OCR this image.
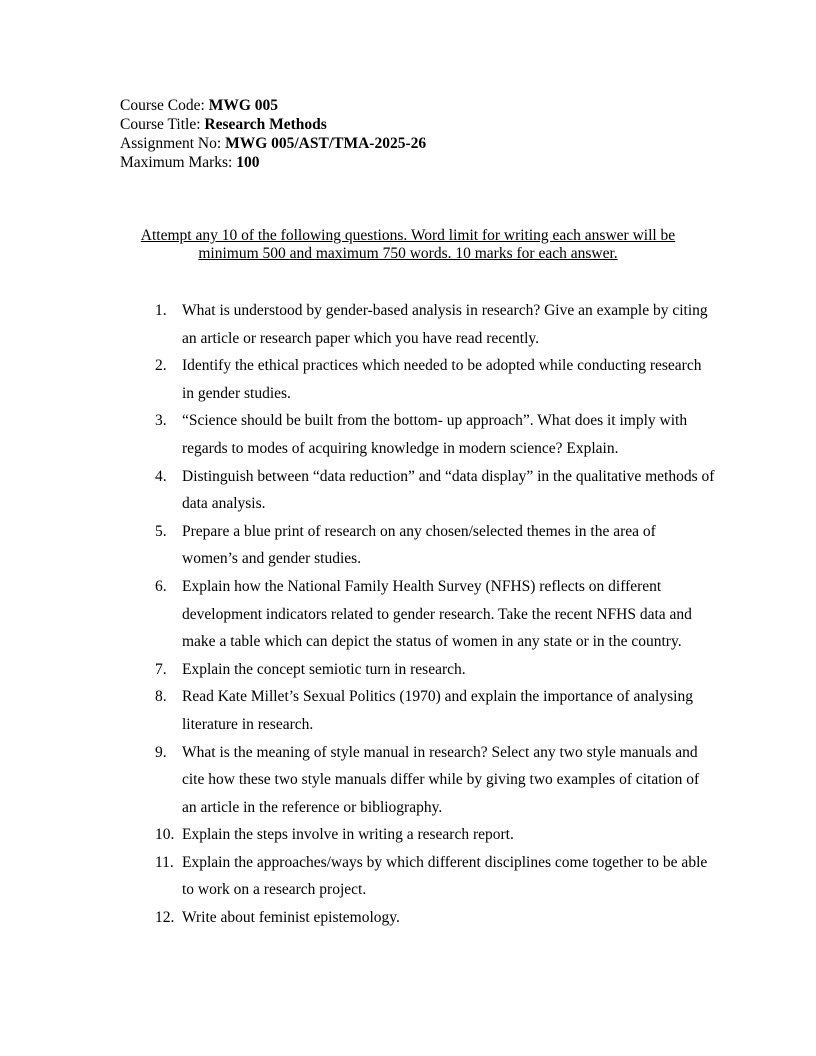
Course Code: MWG 005
Course Title: Research Methods
Assignment No: MWG 005/AST/TMA-2025-26
Maximum Marks: 100
Attempt any 10 of the following questions. Word limit for writing each answer will be
minimum 500 and maximum 750 words. 10 marks for each answer.
1. What is understood by gender-based analysis in research? Give an example by citing an article or research paper which you have read recently.
2. Identify the ethical practices which needed to be adopted while conducting research in gender studies.
3. “Science should be built from the bottom- up approach”. What does it imply with regards to modes of acquiring knowledge in modern science? Explain.
4. Distinguish between “data reduction” and “data display” in the qualitative methods of data analysis.
5. Prepare a blue print of research on any chosen/selected themes in the area of women’s and gender studies.
6. Explain how the National Family Health Survey (NFHS) reflects on different development indicators related to gender research. Take the recent NFHS data and make a table which can depict the status of women in any state or in the country.
7. Explain the concept semiotic turn in research.
8. Read Kate Millet’s Sexual Politics (1970) and explain the importance of analysing literature in research.
9. What is the meaning of style manual in research? Select any two style manuals and cite how these two style manuals differ while by giving two examples of citation of an article in the reference or bibliography.
10. Explain the steps involve in writing a research report.
11. Explain the approaches/ways by which different disciplines come together to be able to work on a research project.
12. Write about feminist epistemology.
